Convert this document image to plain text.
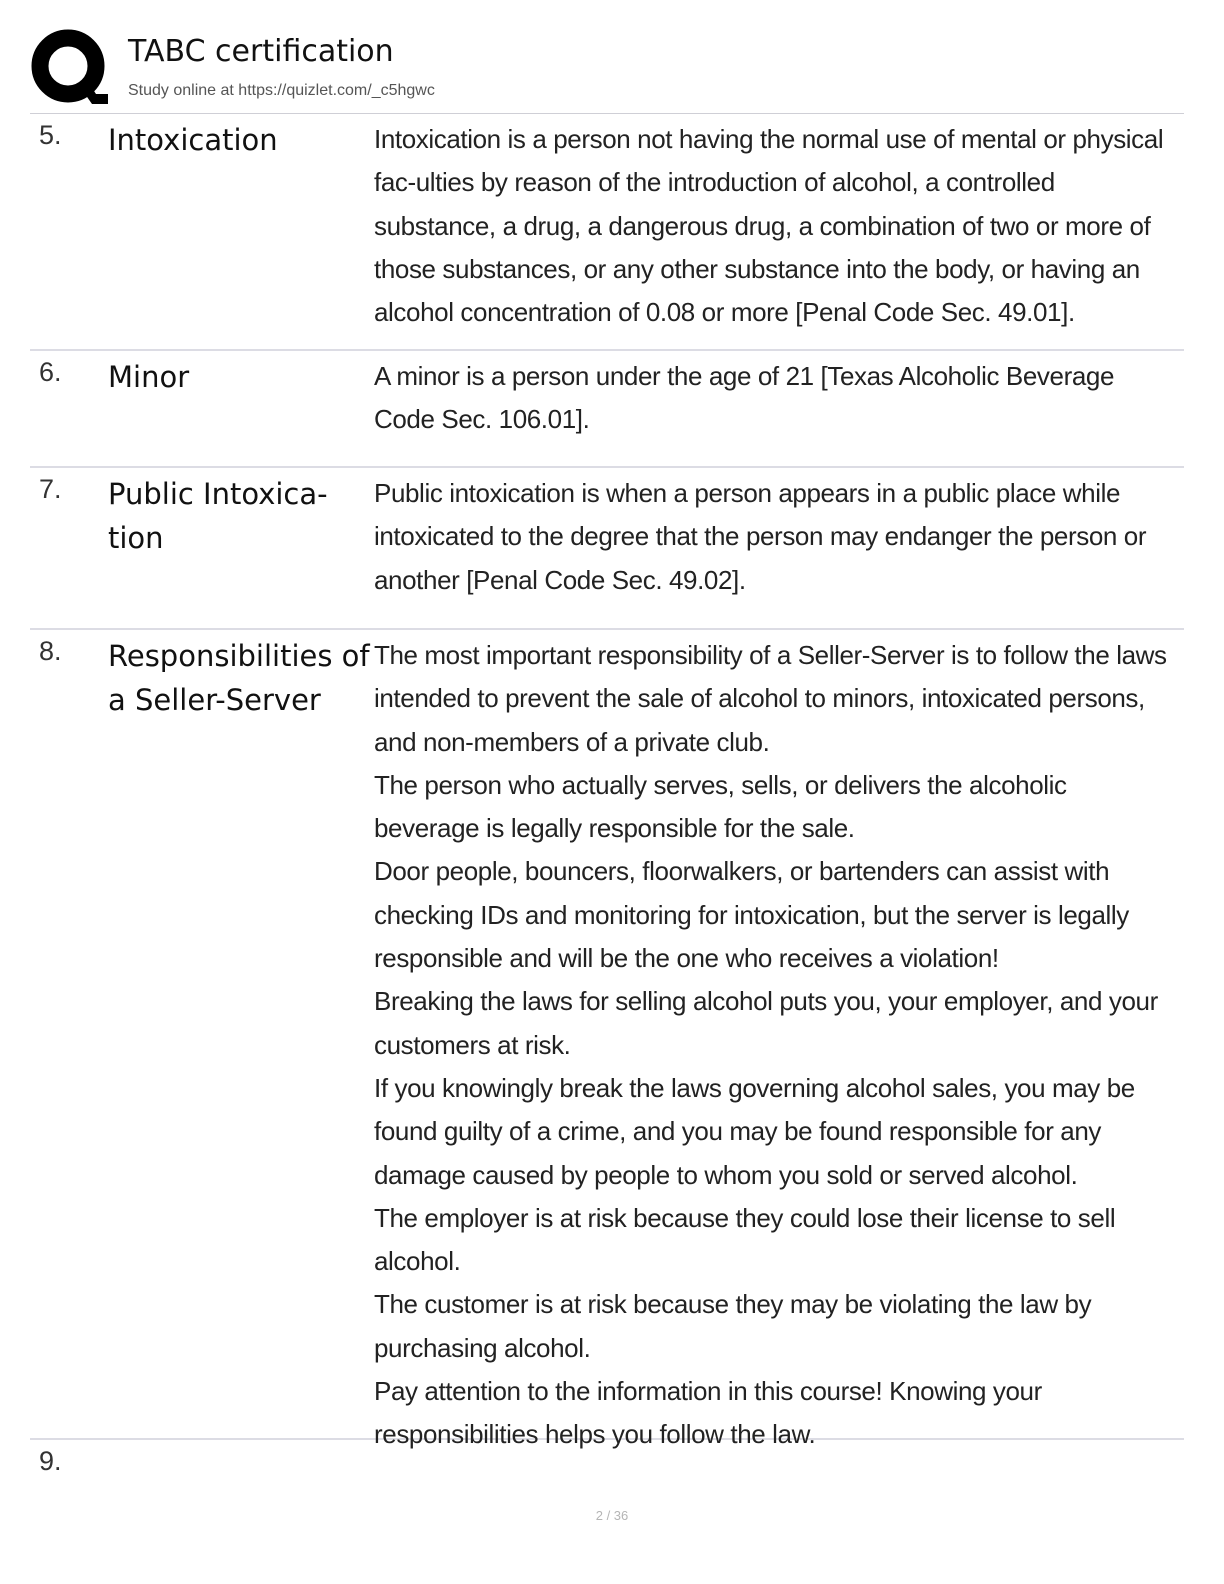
TABC certification
Study online at https://quizlet.com/_c5hgwc
5. Intoxication	Intoxication is a person not having the normal use of mental or physical fac-ulties by reason of the introduction of alcohol, a controlled substance, a drug, a dangerous drug, a combination of two or more of those substances, or any other substance into the body, or having an alcohol concentration of 0.08 or more [Penal Code Sec. 49.01].

6. Minor	A minor is a person under the age of 21 [Texas Alcoholic Beverage Code Sec. 106.01].

7. Public Intoxica-tion

Public intoxication is when a person appears in a public place while intoxicated to the degree that the person may endanger the person or another [Penal Code Sec. 49.02].

8. Responsibilities of a Seller-Server

The most important responsibility of a Seller-Server is to follow the laws intended to prevent the sale of alcohol to minors, intoxicated persons, and non-members of a private club.

The person who actually serves, sells, or delivers the alcoholic beverage is legally responsible for the sale.

Door people, bouncers, floorwalkers, or bartenders can assist with checking IDs and monitoring for intoxication, but the server is legally responsible and will be the one who receives a violation!

Breaking the laws for selling alcohol puts you, your employer, and your customers at risk.

If you knowingly break the laws governing alcohol sales, you may be found guilty of a crime, and you may be found responsible for any damage caused by people to whom you sold or served alcohol.

The employer is at risk because they could lose their license to sell alcohol.

The customer is at risk because they may be violating the law by purchasing alcohol.

Pay attention to the information in this course! Knowing your responsibilities helps you follow the law.

9.
2 / 36
